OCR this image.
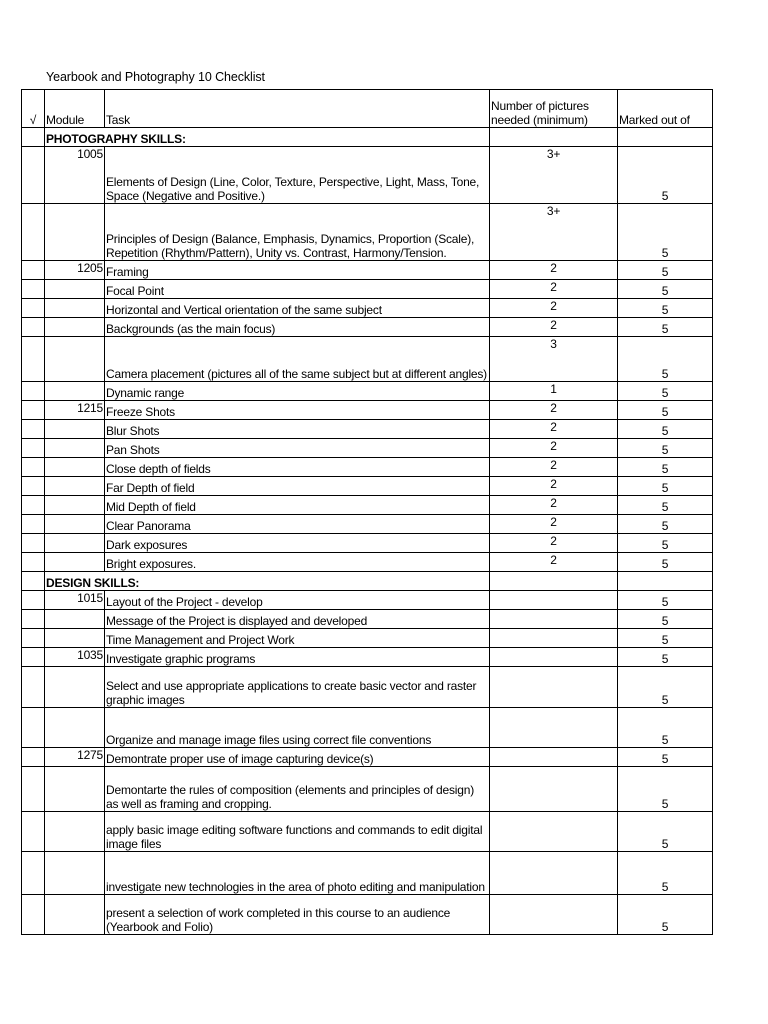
Yearbook and Photography 10 Checklist
√	Module	Task	Number of pictures needed (minimum)	Marked out of
	PHOTOGRAPHY SKILLS:			
	1005	Elements of Design (Line, Color, Texture, Perspective, Light, Mass, Tone, Space (Negative and Positive.)	3+	5
		Principles of Design (Balance, Emphasis, Dynamics, Proportion (Scale), Repetition (Rhythm/Pattern), Unity vs. Contrast, Harmony/Tension.	3+	5
	1205	Framing	2	5
		Focal Point	2	5
		Horizontal and Vertical orientation of the same subject	2	5
		Backgrounds (as the main focus)	2	5
		Camera placement (pictures all of the same subject but at different angles)	3	5
		Dynamic range	1	5
	1215	Freeze Shots	2	5
		Blur Shots	2	5
		Pan Shots	2	5
		Close depth of fields	2	5
		Far Depth of field	2	5
		Mid Depth of field	2	5
		Clear Panorama	2	5
		Dark exposures	2	5
		Bright exposures.	2	5
	DESIGN SKILLS:			
	1015	Layout of the Project - develop		5
		Message of the Project is displayed and developed		5
		Time Management and Project Work		5
	1035	Investigate graphic programs		5
		Select and use appropriate applications to create basic vector and raster graphic images		5
		Organize and manage image files using correct file conventions		5
	1275	Demontrate proper use of image capturing device(s)		5
		Demontarte the rules of composition (elements and principles of design) as well as framing and cropping.		5
		apply basic image editing software functions and commands to edit digital image files		5
		investigate new technologies in the area of photo editing and manipulation		5
		present a selection of work completed in this course to an audience (Yearbook and Folio)		5
